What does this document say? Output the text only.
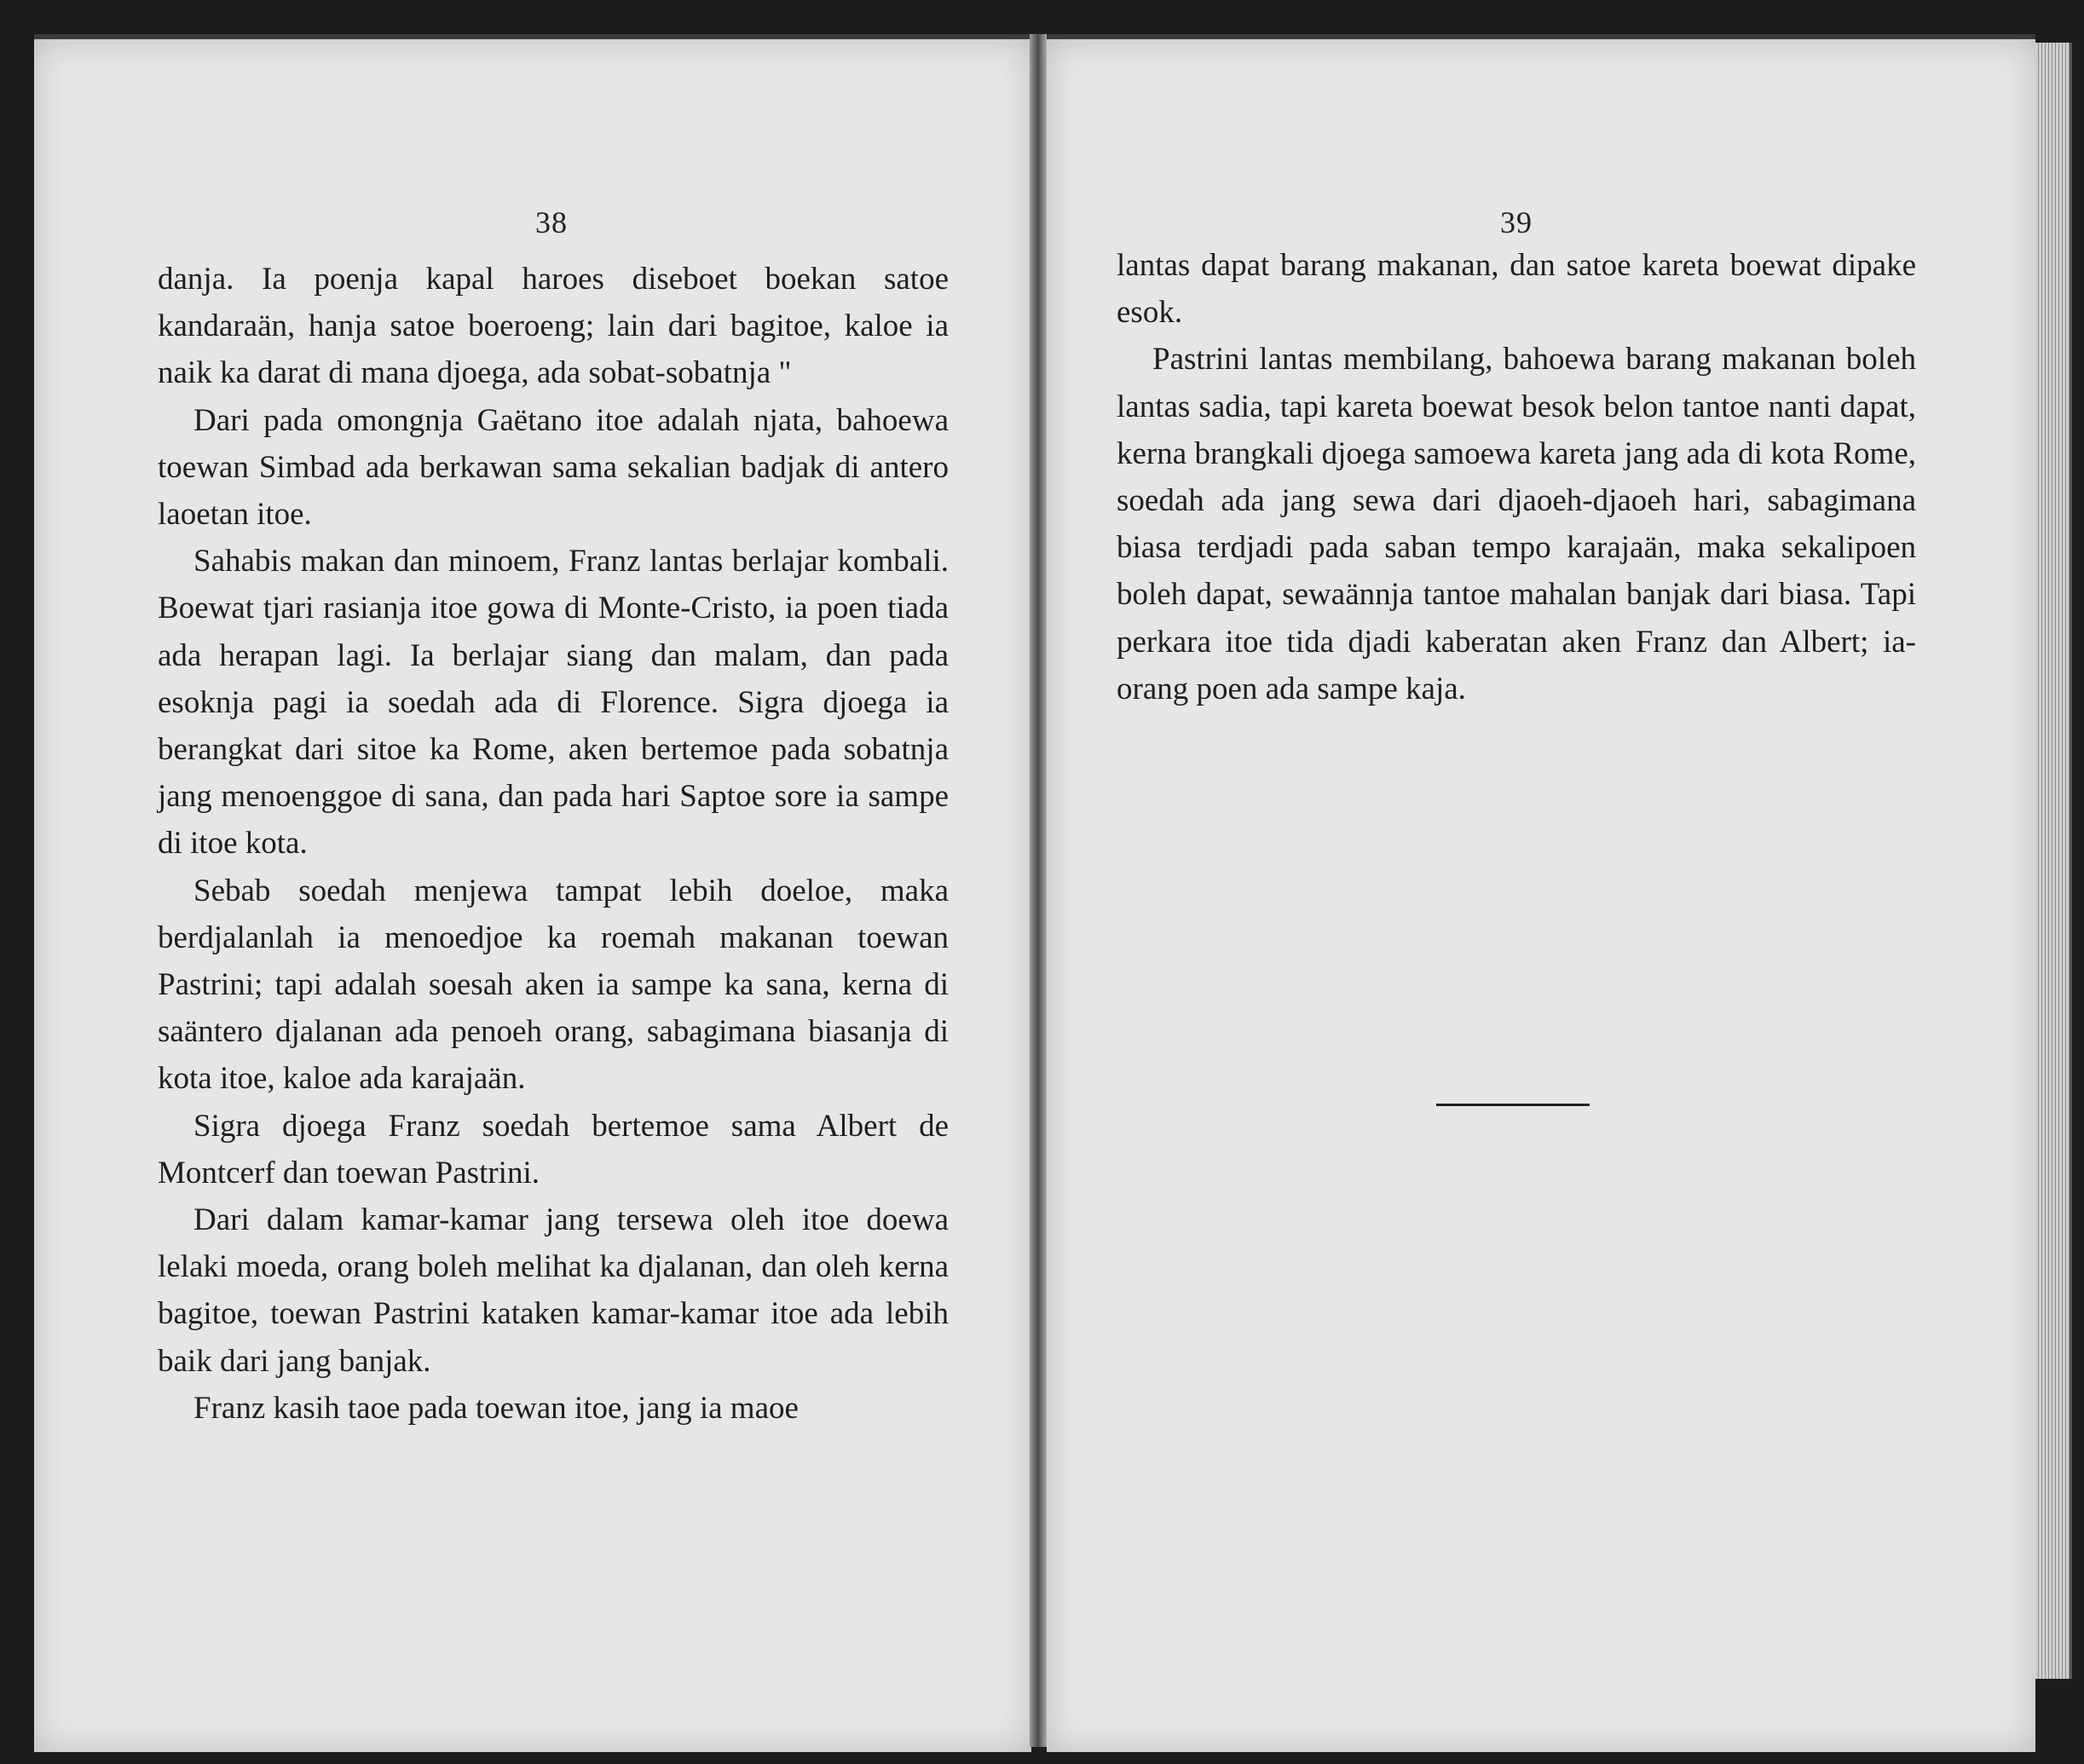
38

danja. Ia poenja kapal haroes diseboet boekan satoe kandaraän, hanja satoe boeroeng; lain dari bagitoe, kaloe ia naik ka darat di mana djoega, ada sobat-sobatnja "

Dari pada omongnja Gaëtano itoe adalah njata, bahoewa toewan Simbad ada berkawan sama sekalian badjak di antero laoetan itoe.

Sahabis makan dan minoem, Franz lantas berlajar kombali. Boewat tjari rasianja itoe gowa di Monte-Cristo, ia poen tiada ada herapan lagi. Ia berlajar siang dan malam, dan pada esoknja pagi ia soedah ada di Florence. Sigra djoega ia berangkat dari sitoe ka Rome, aken bertemoe pada sobatnja jang menoenggoe di sana, dan pada hari Saptoe sore ia sampe di itoe kota.

Sebab soedah menjewa tampat lebih doeloe, maka berdjalanlah ia menoedjoe ka roemah makanan toewan Pastrini; tapi adalah soesah aken ia sampe ka sana, kerna di saäntero djalanan ada penoeh orang, sabagimana biasanja di kota itoe, kaloe ada karajaän.

Sigra djoega Franz soedah bertemoe sama Albert de Montcerf dan toewan Pastrini.

Dari dalam kamar-kamar jang tersewa oleh itoe doewa lelaki moeda, orang boleh melihat ka djalanan, dan oleh kerna bagitoe, toewan Pastrini kataken kamar-kamar itoe ada lebih baik dari jang banjak.

Franz kasih taoe pada toewan itoe, jang ia maoe

39

lantas dapat barang makanan, dan satoe kareta boewat dipake esok.

Pastrini lantas membilang, bahoewa barang makanan boleh lantas sadia, tapi kareta boewat besok belon tantoe nanti dapat, kerna brangkali djoega samoewa kareta jang ada di kota Rome, soedah ada jang sewa dari djaoeh-djaoeh hari, sabagimana biasa terdjadi pada saban tempo karajaän, maka sekalipoen boleh dapat, sewaännja tantoe mahalan banjak dari biasa. Tapi perkara itoe tida djadi kaberatan aken Franz dan Albert; ia-orang poen ada sampe kaja.
